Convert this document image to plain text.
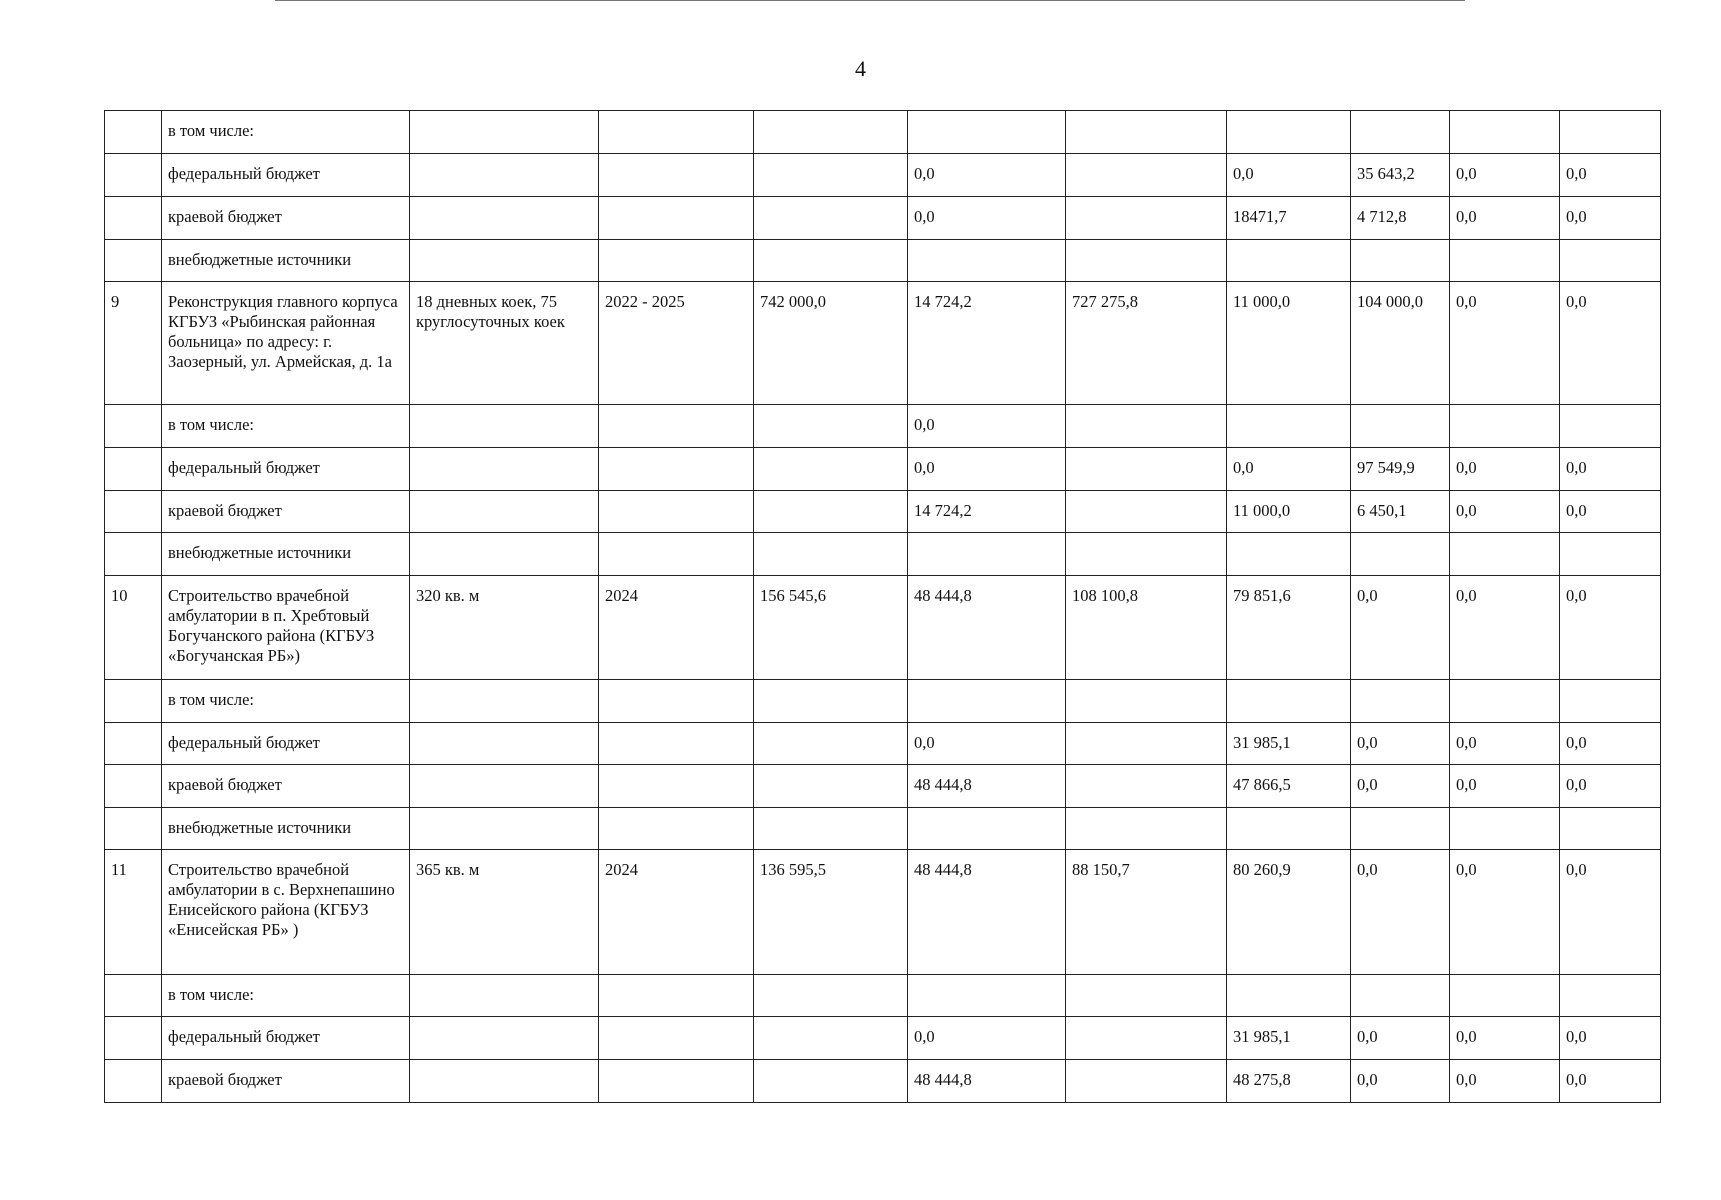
4
	в том числе:									
	федеральный бюджет				0,0		0,0	35 643,2	0,0	0,0
	краевой бюджет				0,0		18471,7	4 712,8	0,0	0,0
	внебюджетные источники									
9	Реконструкция главного корпуса КГБУЗ «Рыбинская районная больница» по адресу: г. Заозерный, ул. Армейская, д. 1а	18 дневных коек, 75 круглосуточных коек	2022 - 2025	742 000,0	14 724,2	727 275,8	11 000,0	104 000,0	0,0	0,0
	в том числе:				0,0					
	федеральный бюджет				0,0		0,0	97 549,9	0,0	0,0
	краевой бюджет				14 724,2		11 000,0	6 450,1	0,0	0,0
	внебюджетные источники									
10	Строительство врачебной амбулатории в п. Хребтовый Богучанского района (КГБУЗ «Богучанская РБ»)	320 кв. м	2024	156 545,6	48 444,8	108 100,8	79 851,6	0,0	0,0	0,0
	в том числе:									
	федеральный бюджет				0,0		31 985,1	0,0	0,0	0,0
	краевой бюджет				48 444,8		47 866,5	0,0	0,0	0,0
	внебюджетные источники									
11	Строительство врачебной амбулатории в с. Верхнепашино Енисейского района (КГБУЗ «Енисейская РБ» )	365 кв. м	2024	136 595,5	48 444,8	88 150,7	80 260,9	0,0	0,0	0,0
	в том числе:									
	федеральный бюджет				0,0		31 985,1	0,0	0,0	0,0
	краевой бюджет				48 444,8		48 275,8	0,0	0,0	0,0
